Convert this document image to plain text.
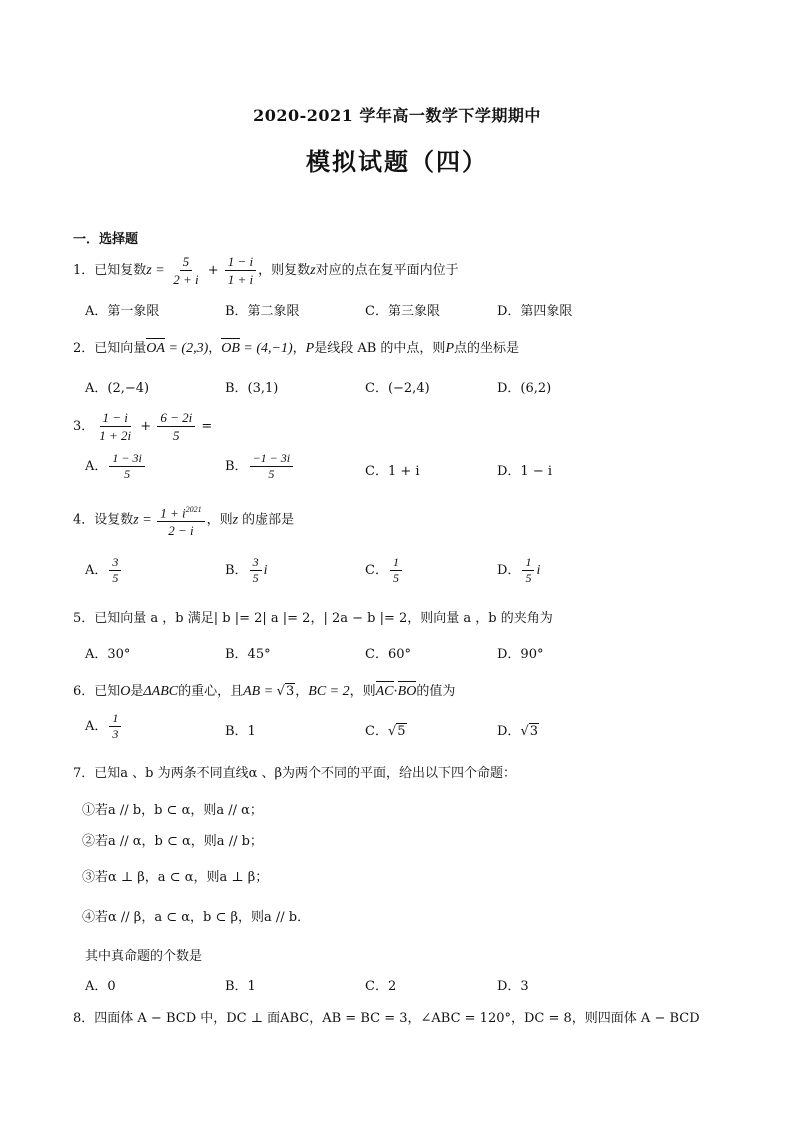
2020-2021 学年高一数学下学期期中
模拟试题（四）
一．选择题
1．已知复数$z = \frac{5}{2 + i} + \frac{1 - i}{1 + i}$ ，则复数z对应的点在复平面内位于
A．第一象限	B．第二象限	C．第三象限	D．第四象限
2．已知向量OA = (2,3)，OB = (4,−1)，P是线段 AB 的中点，则P点的坐标是
A．(2,−4)	B．(3,1)	C．(−2,4)	D．(6,2)
3． $\frac{1 - i}{1 + 2i} + \frac{6 - 2i}{5}$ =
A． $\frac{1 - 3i}{5}$	B． $\frac{-1 - 3i}{5}$	C．1 + i	D．1 − i
4．设复数$z = \frac{1 + i^{2021}}{2 - i}$ ，则z 的虚部是
A． $\frac{3}{5}$	B． $\frac{3}{5}$ i	C． $\frac{1}{5}$	D． $\frac{1}{5}$ i
5．已知向量 a ，b 满足| b |= 2| a |= 2，| 2a − b |= 2，则向量 a ，b 的夹角为
A．30°	B．45°	C．60°	D．90°
6．已知O是ΔABC的重心，且AB = √3，BC = 2，则AC·BO的值为
A． $\frac{1}{3}$	B．1	C．√5	D．√3
7．已知a 、b 为两条不同直线α 、β为两个不同的平面，给出以下四个命题：
①若a // b，b ⊂ α，则a // α；
②若a // α，b ⊂ α，则a // b；
③若α ⊥ β，a ⊂ α，则a ⊥ β；
④若α // β，a ⊂ α，b ⊂ β，则a // b．
其中真命题的个数是
A．0	B．1	C．2	D．3
8．四面体 A − BCD 中，DC ⊥ 面ABC，AB = BC = 3，∠ABC = 120°，DC = 8，则四面体 A − BCD
